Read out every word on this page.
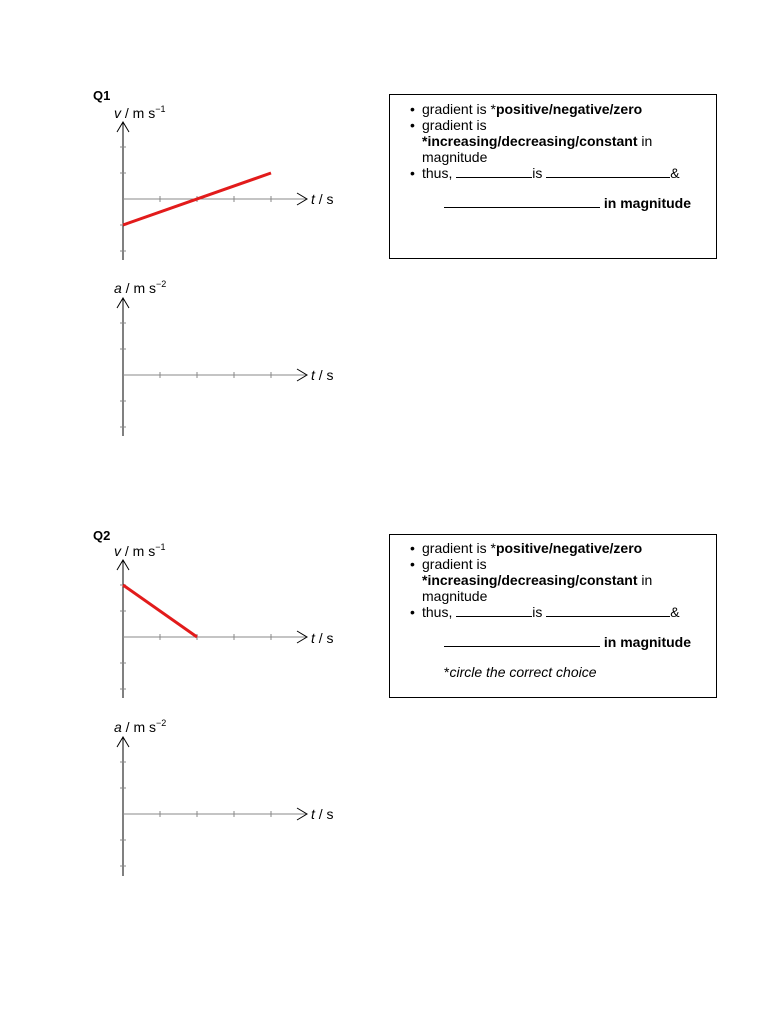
Q1
v / m $s^{-1}$
t / s
a / m $s^{-2}$
t / s
• gradient is *positive/negative/zero
• gradient is
*increasing/decreasing/constant in
magnitude
• thus,	is	&
in magnitude
Q2
v / m $s^{-1}$
t / s
a / m $s^{-2}$
t / s
• gradient is *positive/negative/zero
• gradient is
*increasing/decreasing/constant in
magnitude
• thus,	is	&
in magnitude
*circle the correct choice
